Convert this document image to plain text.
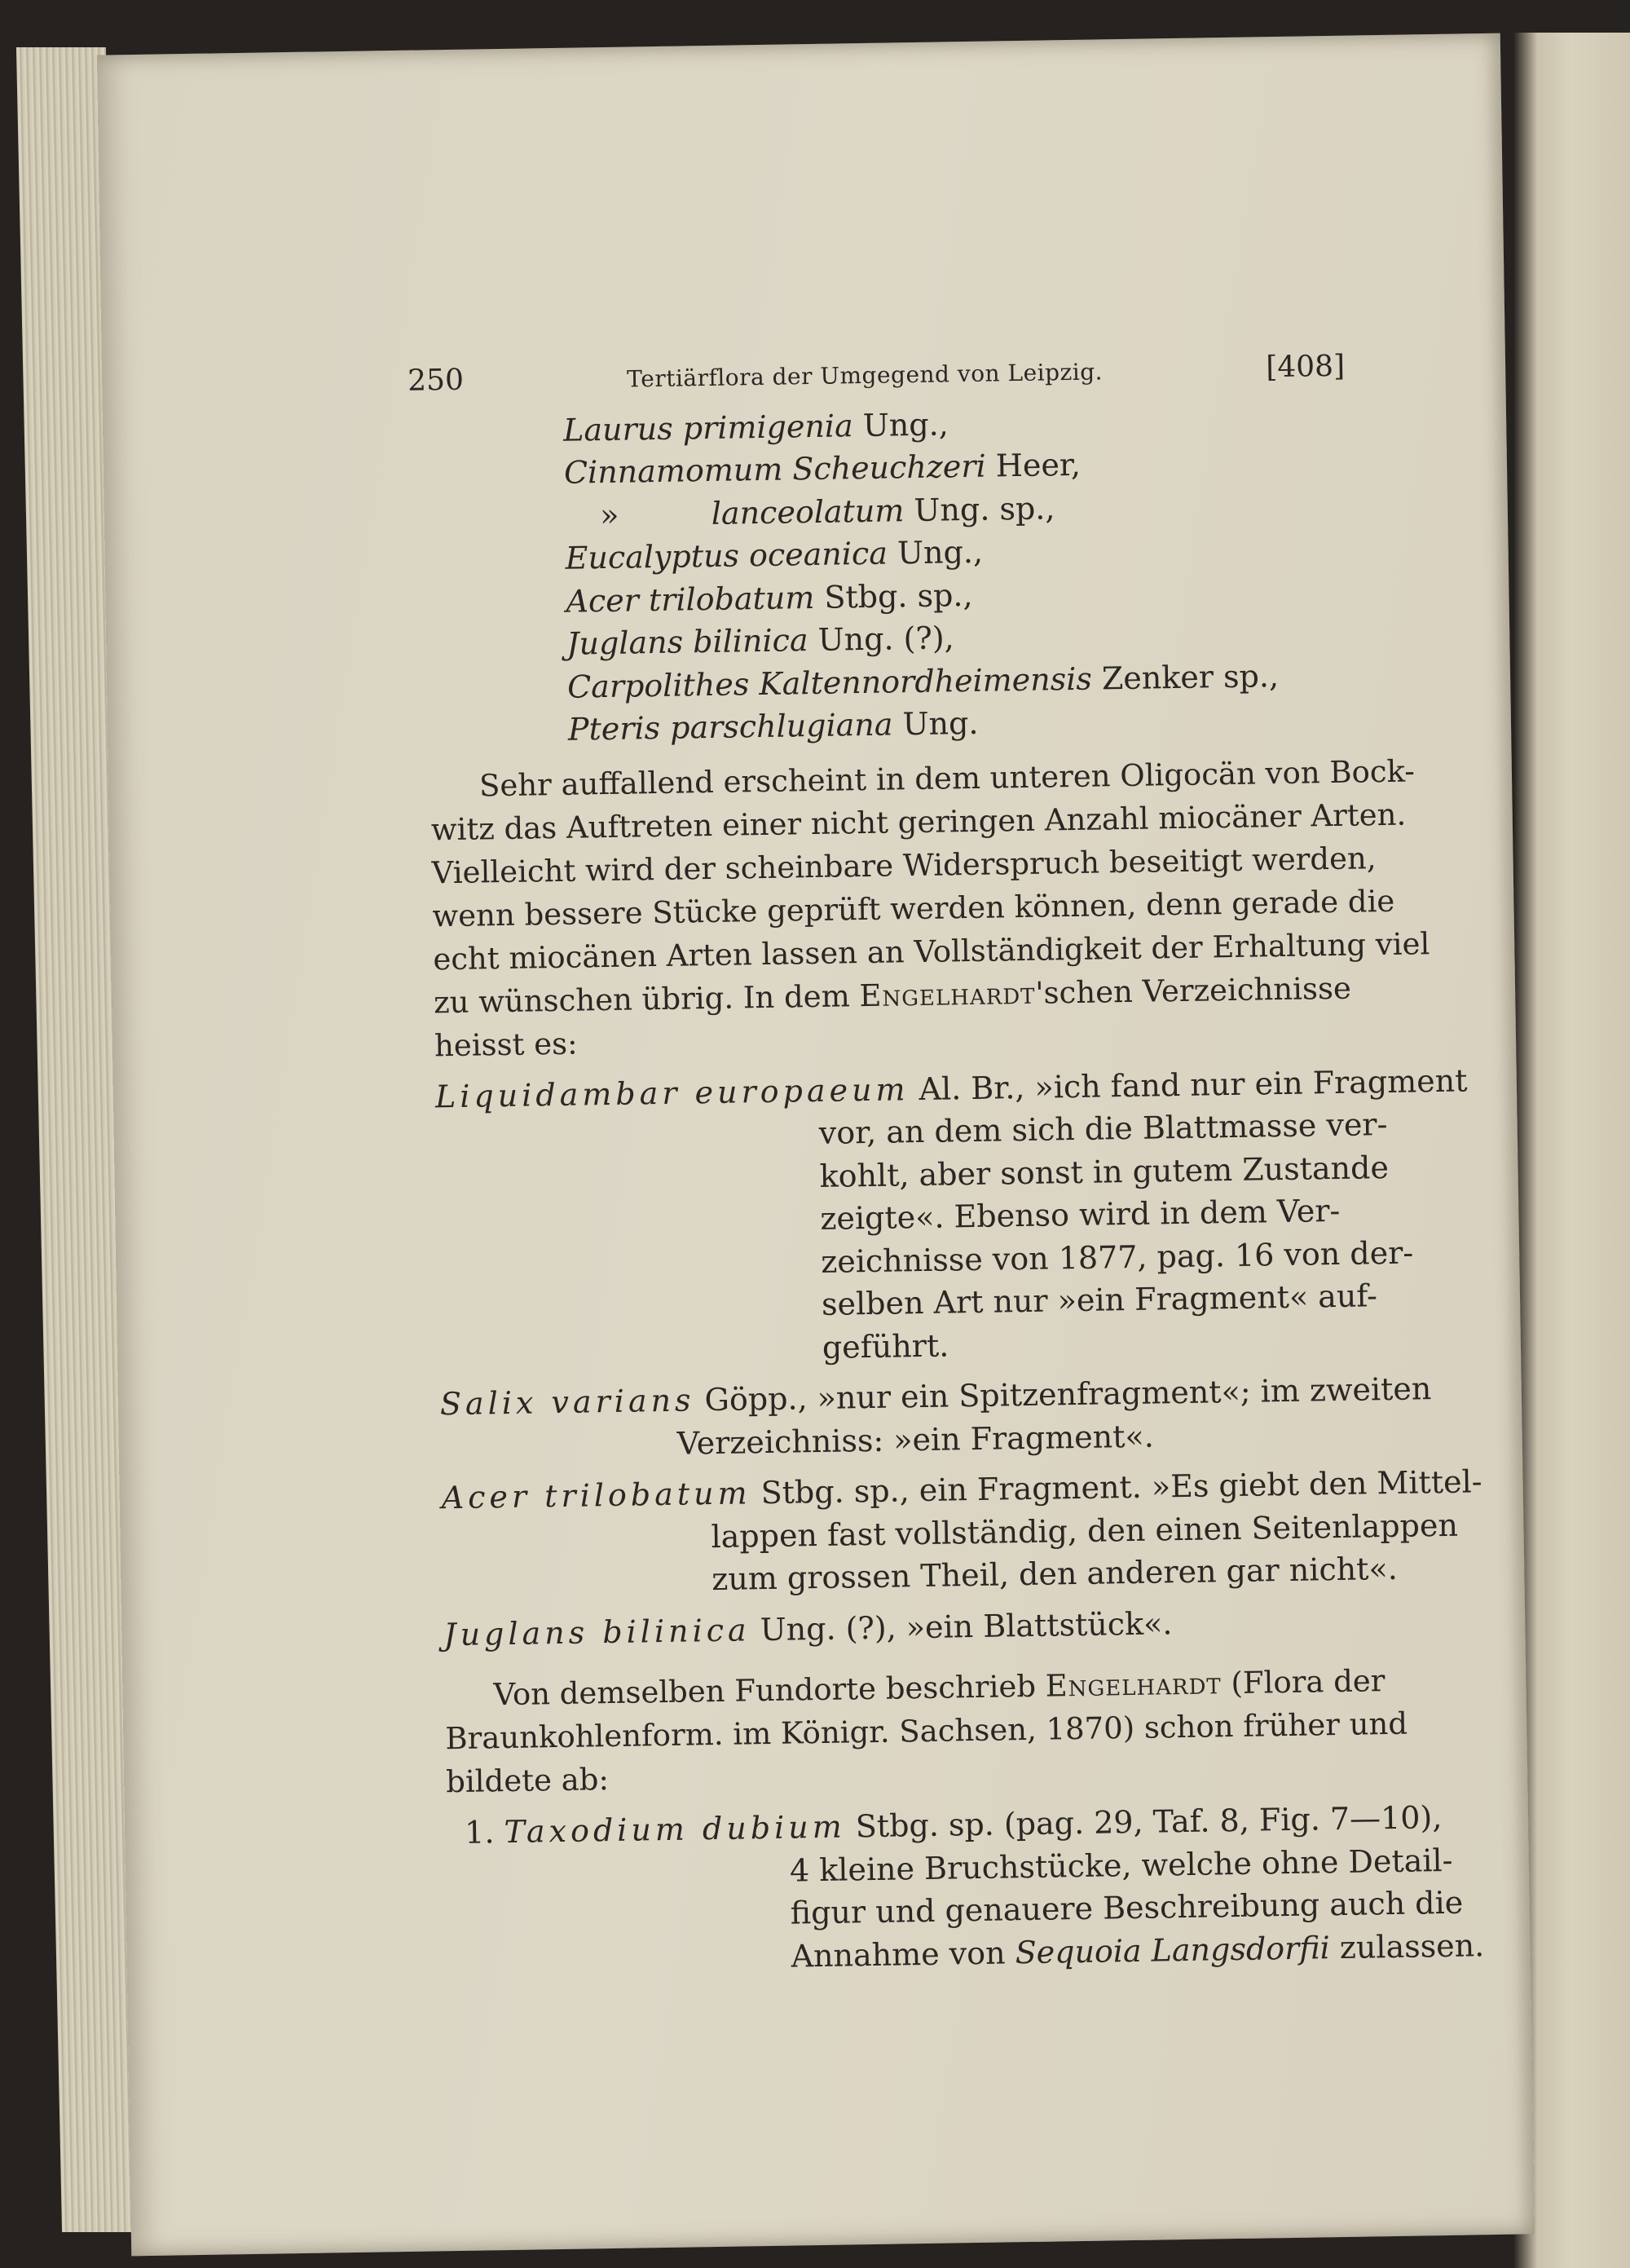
250	Tertiärflora der Umgegend von Leipzig.	[408]
Laurus primigenia Ung.,
Cinnamomum Scheuchzeri Heer,
»	lanceolatum Ung. sp.,
Eucalyptus oceanica Ung.,
Acer trilobatum Stbg. sp.,
Juglans bilinica Ung. (?),
Carpolithes Kaltennordheimensis Zenker sp.,
Pteris parschlugiana Ung.
Sehr auffallend erscheint in dem unteren Oligocän von Bock-
witz das Auftreten einer nicht geringen Anzahl miocäner Arten.
Vielleicht wird der scheinbare Widerspruch beseitigt werden,
wenn bessere Stücke geprüft werden können, denn gerade die
echt miocänen Arten lassen an Vollständigkeit der Erhaltung viel
zu wünschen übrig. In dem Engelhardt'schen Verzeichnisse
heisst es:
Liquidambar europaeum Al. Br., »ich fand nur ein Fragment
vor, an dem sich die Blattmasse ver-
kohlt, aber sonst in gutem Zustande
zeigte«. Ebenso wird in dem Ver-
zeichnisse von 1877, pag. 16 von der-
selben Art nur »ein Fragment« auf-
geführt.
Salix varians Göpp., »nur ein Spitzenfragment«; im zweiten
Verzeichniss: »ein Fragment«.
Acer trilobatum Stbg. sp., ein Fragment. »Es giebt den Mittel-
lappen fast vollständig, den einen Seitenlappen
zum grossen Theil, den anderen gar nicht«.
Juglans bilinica Ung. (?), »ein Blattstück«.
Von demselben Fundorte beschrieb Engelhardt (Flora der
Braunkohlenform. im Königr. Sachsen, 1870) schon früher und
bildete ab:
1. Taxodium dubium Stbg. sp. (pag. 29, Taf. 8, Fig. 7—10),
4 kleine Bruchstücke, welche ohne Detail-
figur und genauere Beschreibung auch die
Annahme von Sequoia Langsdorfii zulassen.
